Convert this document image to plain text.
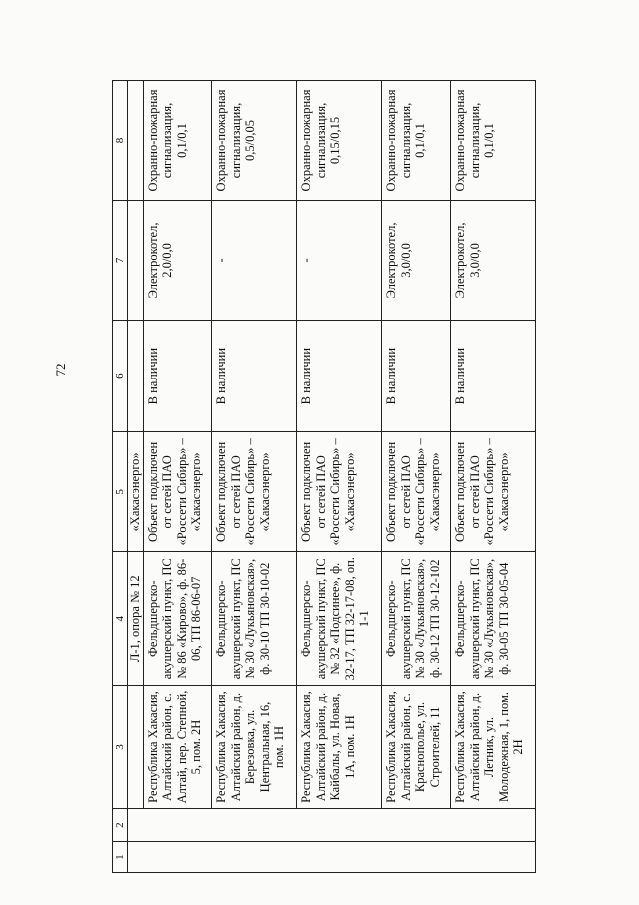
72
1	2	3	4	5	6	7	8
			Л-1, опора № 12	«Хакасэнерго»			
		Республика Хакасия, Алтайский район, с. Алтай, пер. Степной, 5, пом. 2Н	Фельдшерско-акушерский пункт, ПС № 86 «Кирово», ф. 86-06, ТП 86-06-07	Объект подключен от сетей ПАО «Россети Сибирь» – «Хакасэнерго»	В наличии	Электрокотел, 2,0/0,0	Охранно-пожарная сигнализация, 0,1/0,1
		Республика Хакасия, Алтайский район, д. Березовка, ул. Центральная, 16, пом. 1Н	Фельдшерско-акушерский пункт, ПС № 30 «Лукьяновская», ф. 30-10 ТП 30-10-02	Объект подключен от сетей ПАО «Россети Сибирь» – «Хакасэнерго»	В наличии	-	Охранно-пожарная сигнализация, 0,5/0,05
		Республика Хакасия, Алтайский район, д. Кайбалы, ул. Новая, 1А, пом. 1Н	Фельдшерско-акушерский пункт, ПС № 32 «Подсинее», ф. 32-17, ТП 32-17-08, оп. 1-1	Объект подключен от сетей ПАО «Россети Сибирь» – «Хакасэнерго»	В наличии	-	Охранно-пожарная сигнализация, 0,15/0,15
		Республика Хакасия, Алтайский район, с. Краснополье, ул. Строителей, 11	Фельдшерско-акушерский пункт, ПС № 30 «Лукьяновская», ф. 30-12 ТП 30-12-102	Объект подключен от сетей ПАО «Россети Сибирь» – «Хакасэнерго»	В наличии	Электрокотел, 3,0/0,0	Охранно-пожарная сигнализация, 0,1/0,1
		Республика Хакасия, Алтайский район, д. Летник, ул. Молодежная, 1, пом. 2Н	Фельдшерско-акушерский пункт, ПС № 30 «Лукьяновская», ф. 30-05 ТП 30-05-04	Объект подключен от сетей ПАО «Россети Сибирь» – «Хакасэнерго»	В наличии	Электрокотел, 3,0/0,0	Охранно-пожарная сигнализация, 0,1/0,1
